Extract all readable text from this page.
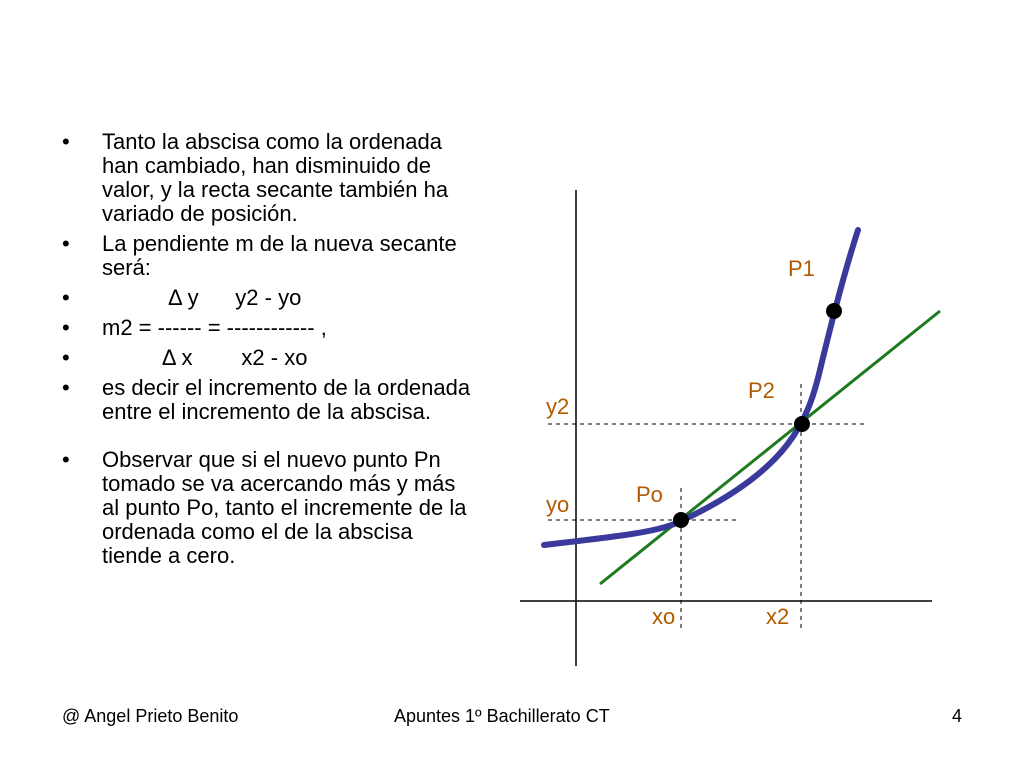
• Tanto la abscisa como la ordenada han cambiado, han disminuido de valor, y la recta secante también ha variado de posición.
• La pendiente m de la nueva secante será:
• Δ y      y2 - yo
• m2 = ------ = ------------ ,
• Δ x        x2 - xo
• es decir el incremento de la ordenada entre el incremento de la abscisa.
• Observar que si el nuevo punto Pn tomado se va acercando más y más al punto Po, tanto el incremente de la ordenada como el de la abscisa tiende a cero.
P1
P2
Po
y2
yo
xo	x2
@ Angel Prieto Benito	Apuntes 1º Bachillerato CT	4
